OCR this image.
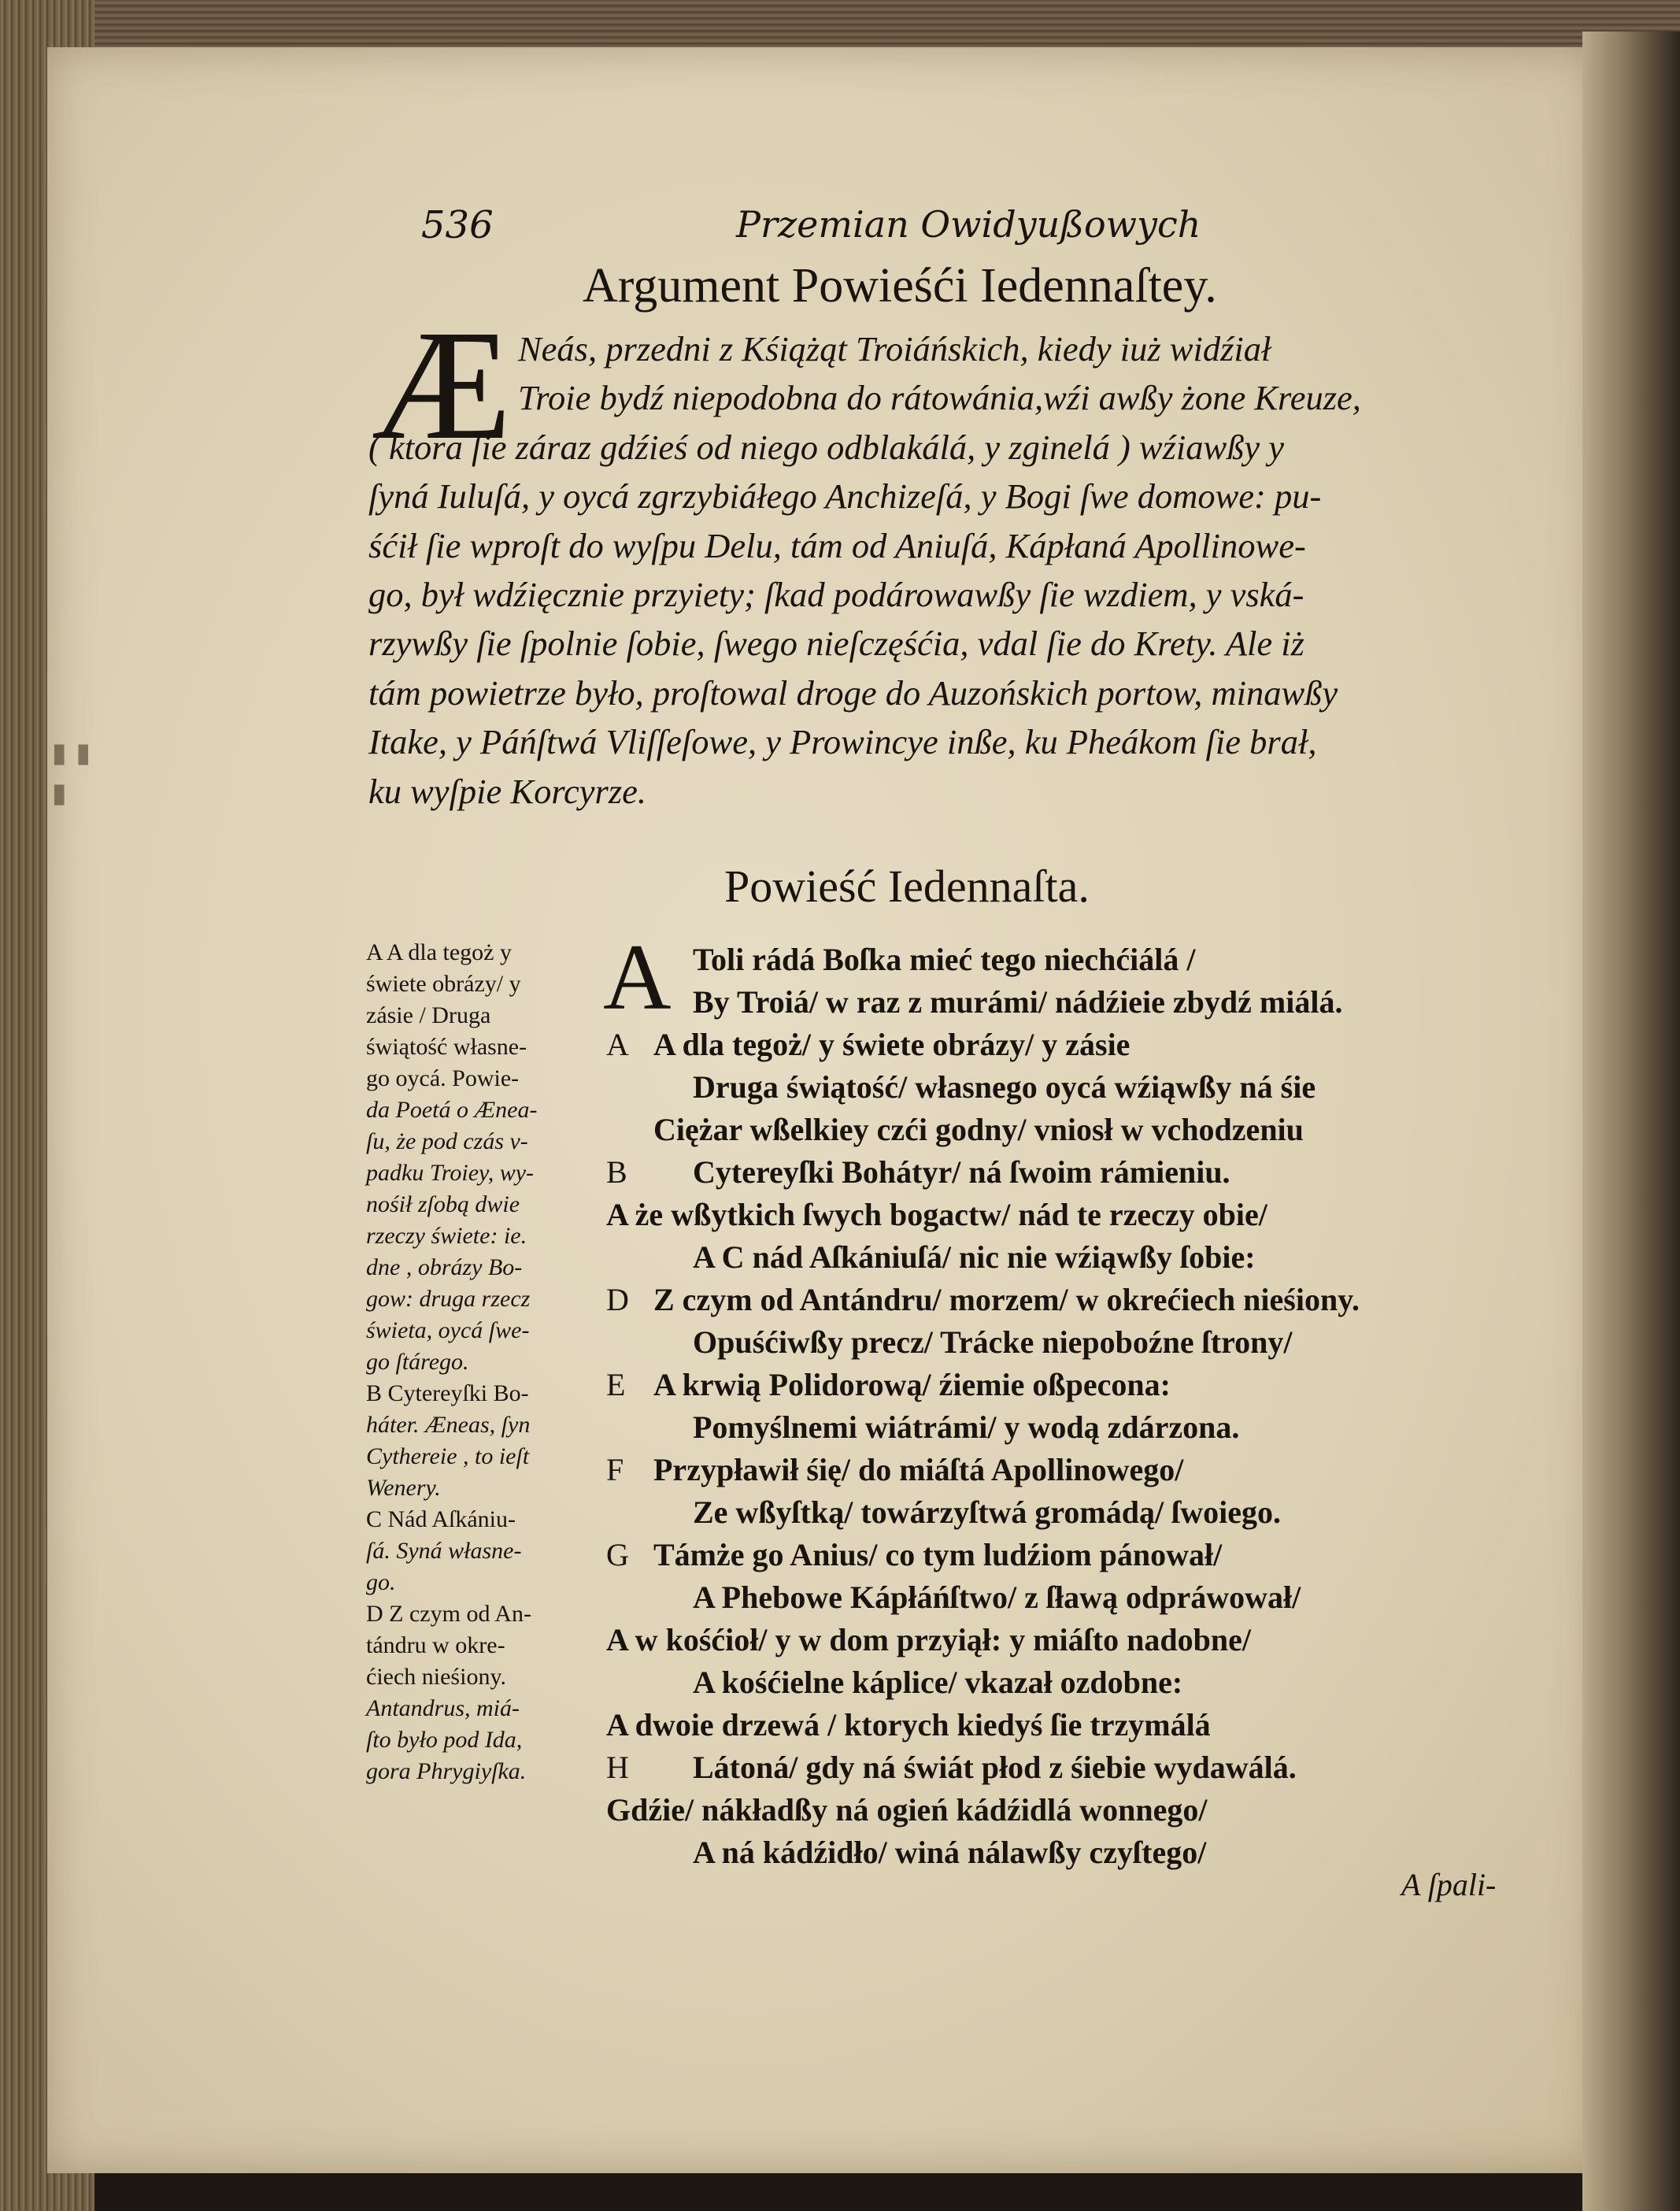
▮▮ ▮
536	Przemian Owidyußowych
Argument Powieśći Iedennaſtey.
Æ Neás, przedni z Kśiążąt Troiáńskich, kiedy iuż widźiał
Troie bydź niepodobna do rátowánia,wźi awßy żone Kreuze,
( ktora ſie záraz gdźieś od niego odblakálá, y zginelá ) wźiawßy y
ſyná Iuluſá, y oycá zgrzybiáłego Anchizeſá, y Bogi ſwe domowe: pu-
śćił ſie wproſt do wyſpu Delu, tám od Aniuſá, Kápłaná Apollinowe-
go, był wdźięcznie przyiety; ſkad podárowawßy ſie wzdiem, y vská-
rzywßy ſie ſpolnie ſobie, ſwego nieſczęśćia, vdal ſie do Krety. Ale iż
tám powietrze było, proſtowal droge do Auzońskich portow, minawßy
Itake, y Páńſtwá Vliſſeſowe, y Prowincye inße, ku Pheákom ſie brał,
ku wyſpie Korcyrze.
Powieść Iedennaſta.
A A dla tegoż y
świete obrázy/ y
zásie / Druga
świątość własne-
go oycá. Powie-
da Poetá o Ænea-
ſu, że pod czás v-
padku Troiey, wy-
nośił zſobą dwie
rzeczy świete: ie.
dne , obrázy Bo-
gow: druga rzecz
świeta, oycá ſwe-
go ſtárego.
B Cytereyſki Bo-
háter. Æneas, ſyn
Cythereie , to ieſt
Wenery.
C Nád Aſkániu-
ſá. Syná własne-
go.
D Z czym od An-
tándru w okre-
ćiech nieśiony.
Antandrus, miá-
ſto było pod Ida,
gora Phrygiyſka.
A Toli rádá Boſka mieć tego niechćiálá /
By Troiá/ w raz z murámi/ nádźieie zbydź miálá.
A A dla tegoż/ y świete obrázy/ y zásie
Druga świątość/ własnego oycá wźiąwßy ná śie
Ciężar wßelkiey czći godny/ vniosł w vchodzeniu
B Cytereyſki Bohátyr/ ná ſwoim rámieniu.
A że wßytkich ſwych bogactw/ nád te rzeczy obie/
A C nád Aſkániuſá/ nic nie wźiąwßy ſobie:
D Z czym od Antándru/ morzem/ w okrećiech nieśiony.
Opuśćiwßy precz/ Trácke niepoboźne ſtrony/
E A krwią Polidorową/ źiemie oßpecona:
Pomyślnemi wiátrámi/ y wodą zdárzona.
F Przypławił śię/ do miáſtá Apollinowego/
Ze wßyſtką/ towárzyſtwá gromádą/ ſwoiego.
G Támże go Anius/ co tym ludźiom pánował/
A Phebowe Kápłáńſtwo/ z ſławą odpráwował/
A w kośćioł/ y w dom przyiął: y miáſto nadobne/
A kośćielne káplice/ vkazał ozdobne:
A dwoie drzewá / ktorych kiedyś ſie trzymálá
H Látoná/ gdy ná świát płod z śiebie wydawálá.
Gdźie/ nákładßy ná ogień kádźidlá wonnego/
A ná kádźidło/ winá nálawßy czyſtego/
A ſpali-
